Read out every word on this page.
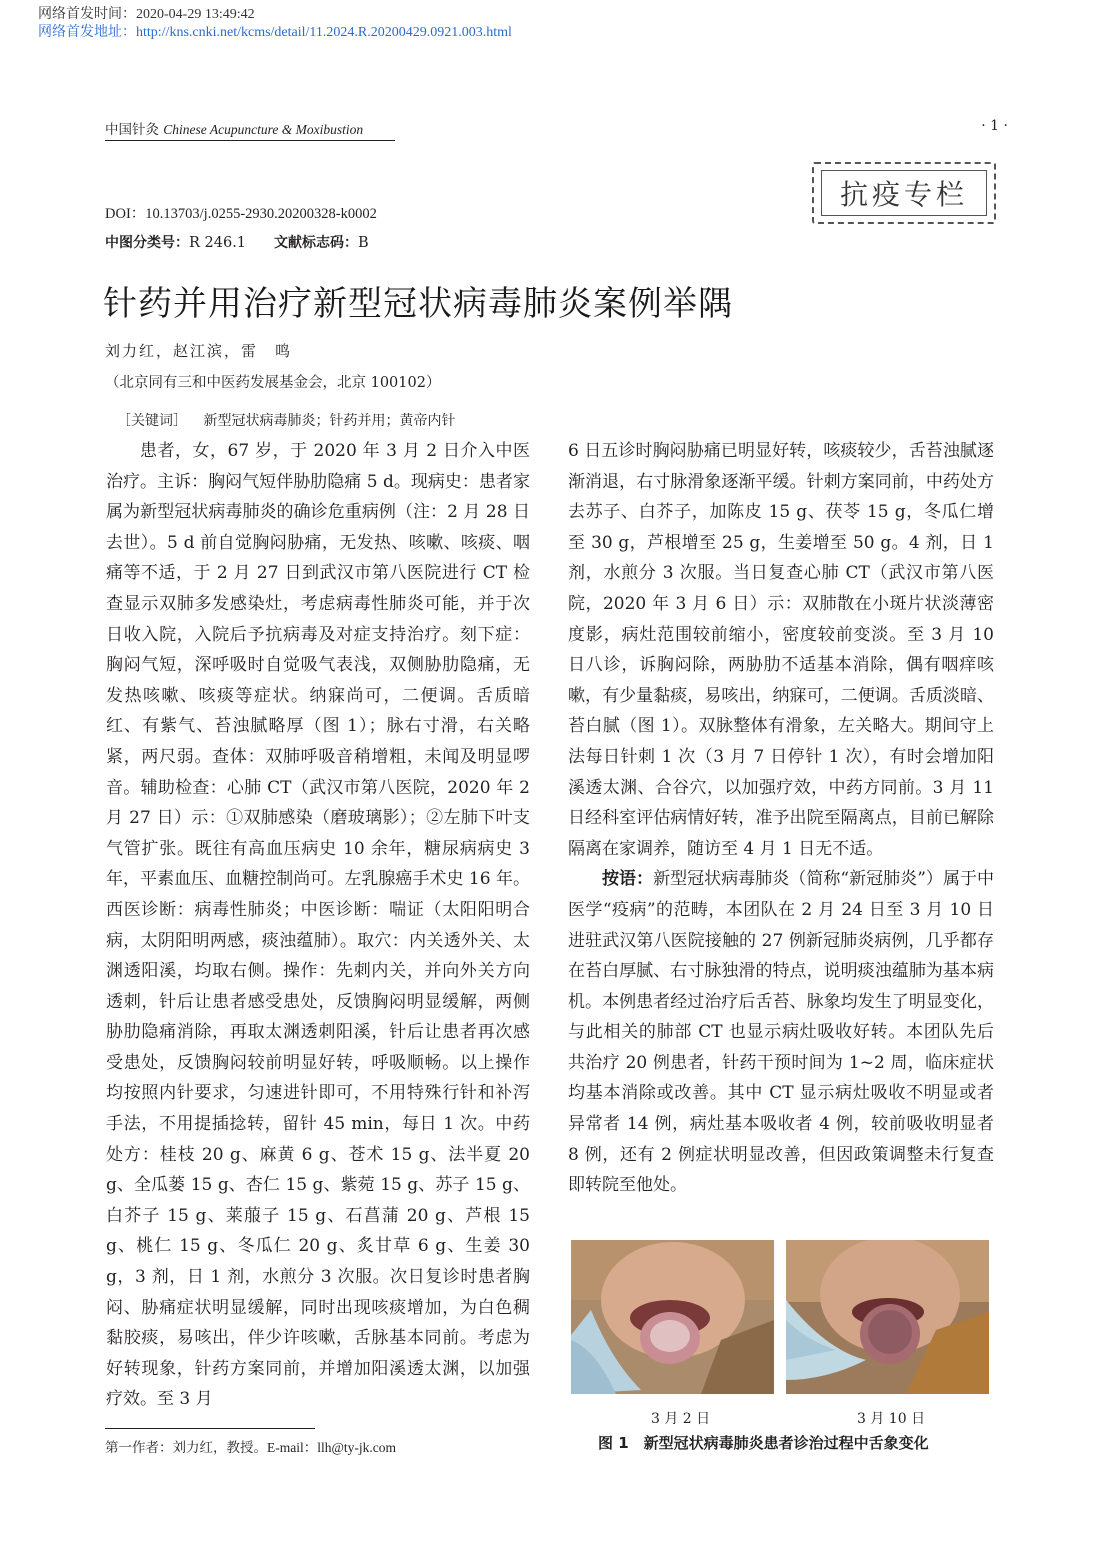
网络首发时间：2020-04-29 13:49:42
网络首发地址：http://kns.cnki.net/kcms/detail/11.2024.R.20200429.0921.003.html
中国针灸 Chinese Acupuncture & Moxibustion	· 1 ·
抗疫专栏
DOI：10.13703/j.0255-2930.20200328-k0002
中图分类号：R 246.1 文献标志码：B
针药并用治疗新型冠状病毒肺炎案例举隅
刘力红，赵江滨，雷　鸣
（北京同有三和中医药发展基金会，北京 100102）
［关键词］ 新型冠状病毒肺炎；针药并用；黄帝内针

患者，女，67 岁，于 2020 年 3 月 2 日介入中医治疗。主诉：胸闷气短伴胁肋隐痛 5 d。现病史：患者家属为新型冠状病毒肺炎的确诊危重病例（注：2 月 28 日去世）。5 d 前自觉胸闷胁痛，无发热、咳嗽、咳痰、咽痛等不适，于 2 月 27 日到武汉市第八医院进行 CT 检查显示双肺多发感染灶，考虑病毒性肺炎可能，并于次日收入院，入院后予抗病毒及对症支持治疗。刻下症：胸闷气短，深呼吸时自觉吸气表浅，双侧胁肋隐痛，无发热咳嗽、咳痰等症状。纳寐尚可，二便调。舌质暗红、有紫气、苔浊腻略厚（图 1）；脉右寸滑，右关略紧，两尺弱。查体：双肺呼吸音稍增粗，未闻及明显啰音。辅助检查：心肺 CT（武汉市第八医院，2020 年 2 月 27 日）示：①双肺感染（磨玻璃影）；②左肺下叶支气管扩张。既往有高血压病史 10 余年，糖尿病病史 3 年，平素血压、血糖控制尚可。左乳腺癌手术史 16 年。西医诊断：病毒性肺炎；中医诊断：喘证（太阳阳明合病，太阴阳明两感，痰浊蕴肺）。取穴：内关透外关、太渊透阳溪，均取右侧。操作：先刺内关，并向外关方向透刺，针后让患者感受患处，反馈胸闷明显缓解，两侧胁肋隐痛消除，再取太渊透刺阳溪，针后让患者再次感受患处，反馈胸闷较前明显好转，呼吸顺畅。以上操作均按照内针要求，匀速进针即可，不用特殊行针和补泻手法，不用提插捻转，留针 45 min，每日 1 次。中药处方：桂枝 20 g、麻黄 6 g、苍术 15 g、法半夏 20 g、全瓜蒌 15 g、杏仁 15 g、紫菀 15 g、苏子 15 g、白芥子 15 g、莱菔子 15 g、石菖蒲 20 g、芦根 15 g、桃仁 15 g、冬瓜仁 20 g、炙甘草 6 g、生姜 30 g，3 剂，日 1 剂，水煎分 3 次服。次日复诊时患者胸闷、胁痛症状明显缓解，同时出现咳痰增加，为白色稠黏胶痰，易咳出，伴少许咳嗽，舌脉基本同前。考虑为好转现象，针药方案同前，并增加阳溪透太渊，以加强疗效。至 3 月

6 日五诊时胸闷胁痛已明显好转，咳痰较少，舌苔浊腻逐渐消退，右寸脉滑象逐渐平缓。针刺方案同前，中药处方去苏子、白芥子，加陈皮 15 g、茯苓 15 g，冬瓜仁增至 30 g，芦根增至 25 g，生姜增至 50 g。4 剂，日 1 剂，水煎分 3 次服。当日复查心肺 CT（武汉市第八医院，2020 年 3 月 6 日）示：双肺散在小斑片状淡薄密度影，病灶范围较前缩小，密度较前变淡。至 3 月 10 日八诊，诉胸闷除，两胁肋不适基本消除，偶有咽痒咳嗽，有少量黏痰，易咳出，纳寐可，二便调。舌质淡暗、苔白腻（图 1）。双脉整体有滑象，左关略大。期间守上法每日针刺 1 次（3 月 7 日停针 1 次），有时会增加阳溪透太渊、合谷穴，以加强疗效，中药方同前。3 月 11 日经科室评估病情好转，准予出院至隔离点，目前已解除隔离在家调养，随访至 4 月 1 日无不适。

按语：新型冠状病毒肺炎（简称“新冠肺炎”）属于中医学“疫病”的范畴，本团队在 2 月 24 日至 3 月 10 日进驻武汉第八医院接触的 27 例新冠肺炎病例，几乎都存在苔白厚腻、右寸脉独滑的特点，说明痰浊蕴肺为基本病机。本例患者经过治疗后舌苔、脉象均发生了明显变化，与此相关的肺部 CT 也显示病灶吸收好转。本团队先后共治疗 20 例患者，针药干预时间为 1~2 周，临床症状均基本消除或改善。其中 CT 显示病灶吸收不明显或者异常者 14 例，病灶基本吸收者 4 例，较前吸收明显者 8 例，还有 2 例症状明显改善，但因政策调整未行复查即转院至他处。

3 月 2 日	3 月 10 日
图 1　新型冠状病毒肺炎患者诊治过程中舌象变化
第一作者：刘力红，教授。E-mail：llh@ty-jk.com
